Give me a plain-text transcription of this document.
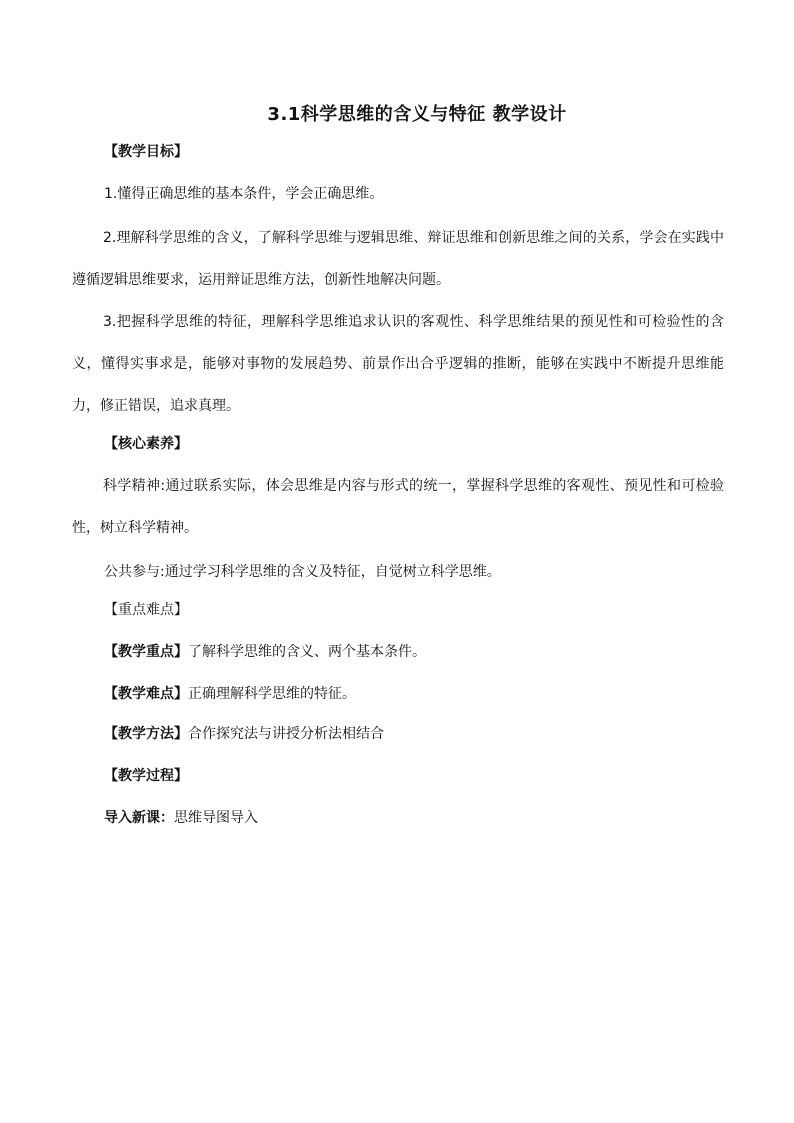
3.1科学思维的含义与特征 教学设计
【教学目标】
1.懂得正确思维的基本条件，学会正确思维。
2.理解科学思维的含义，了解科学思维与逻辑思维、辩证思维和创新思维之间的关系，学会在实践中遵循逻辑思维要求，运用辩证思维方法，创新性地解决问题。
3.把握科学思维的特征，理解科学思维追求认识的客观性、科学思维结果的预见性和可检验性的含义，懂得实事求是，能够对事物的发展趋势、前景作出合乎逻辑的推断，能够在实践中不断提升思维能力，修正错误，追求真理。
【核心素养】
科学精神:通过联系实际，体会思维是内容与形式的统一，掌握科学思维的客观性、预见性和可检验性，树立科学精神。
公共参与:通过学习科学思维的含义及特征，自觉树立科学思维。
【重点难点】
【教学重点】了解科学思维的含义、两个基本条件。
【教学难点】正确理解科学思维的特征。
【教学方法】合作探究法与讲授分析法相结合
【教学过程】
导入新课：思维导图导入
